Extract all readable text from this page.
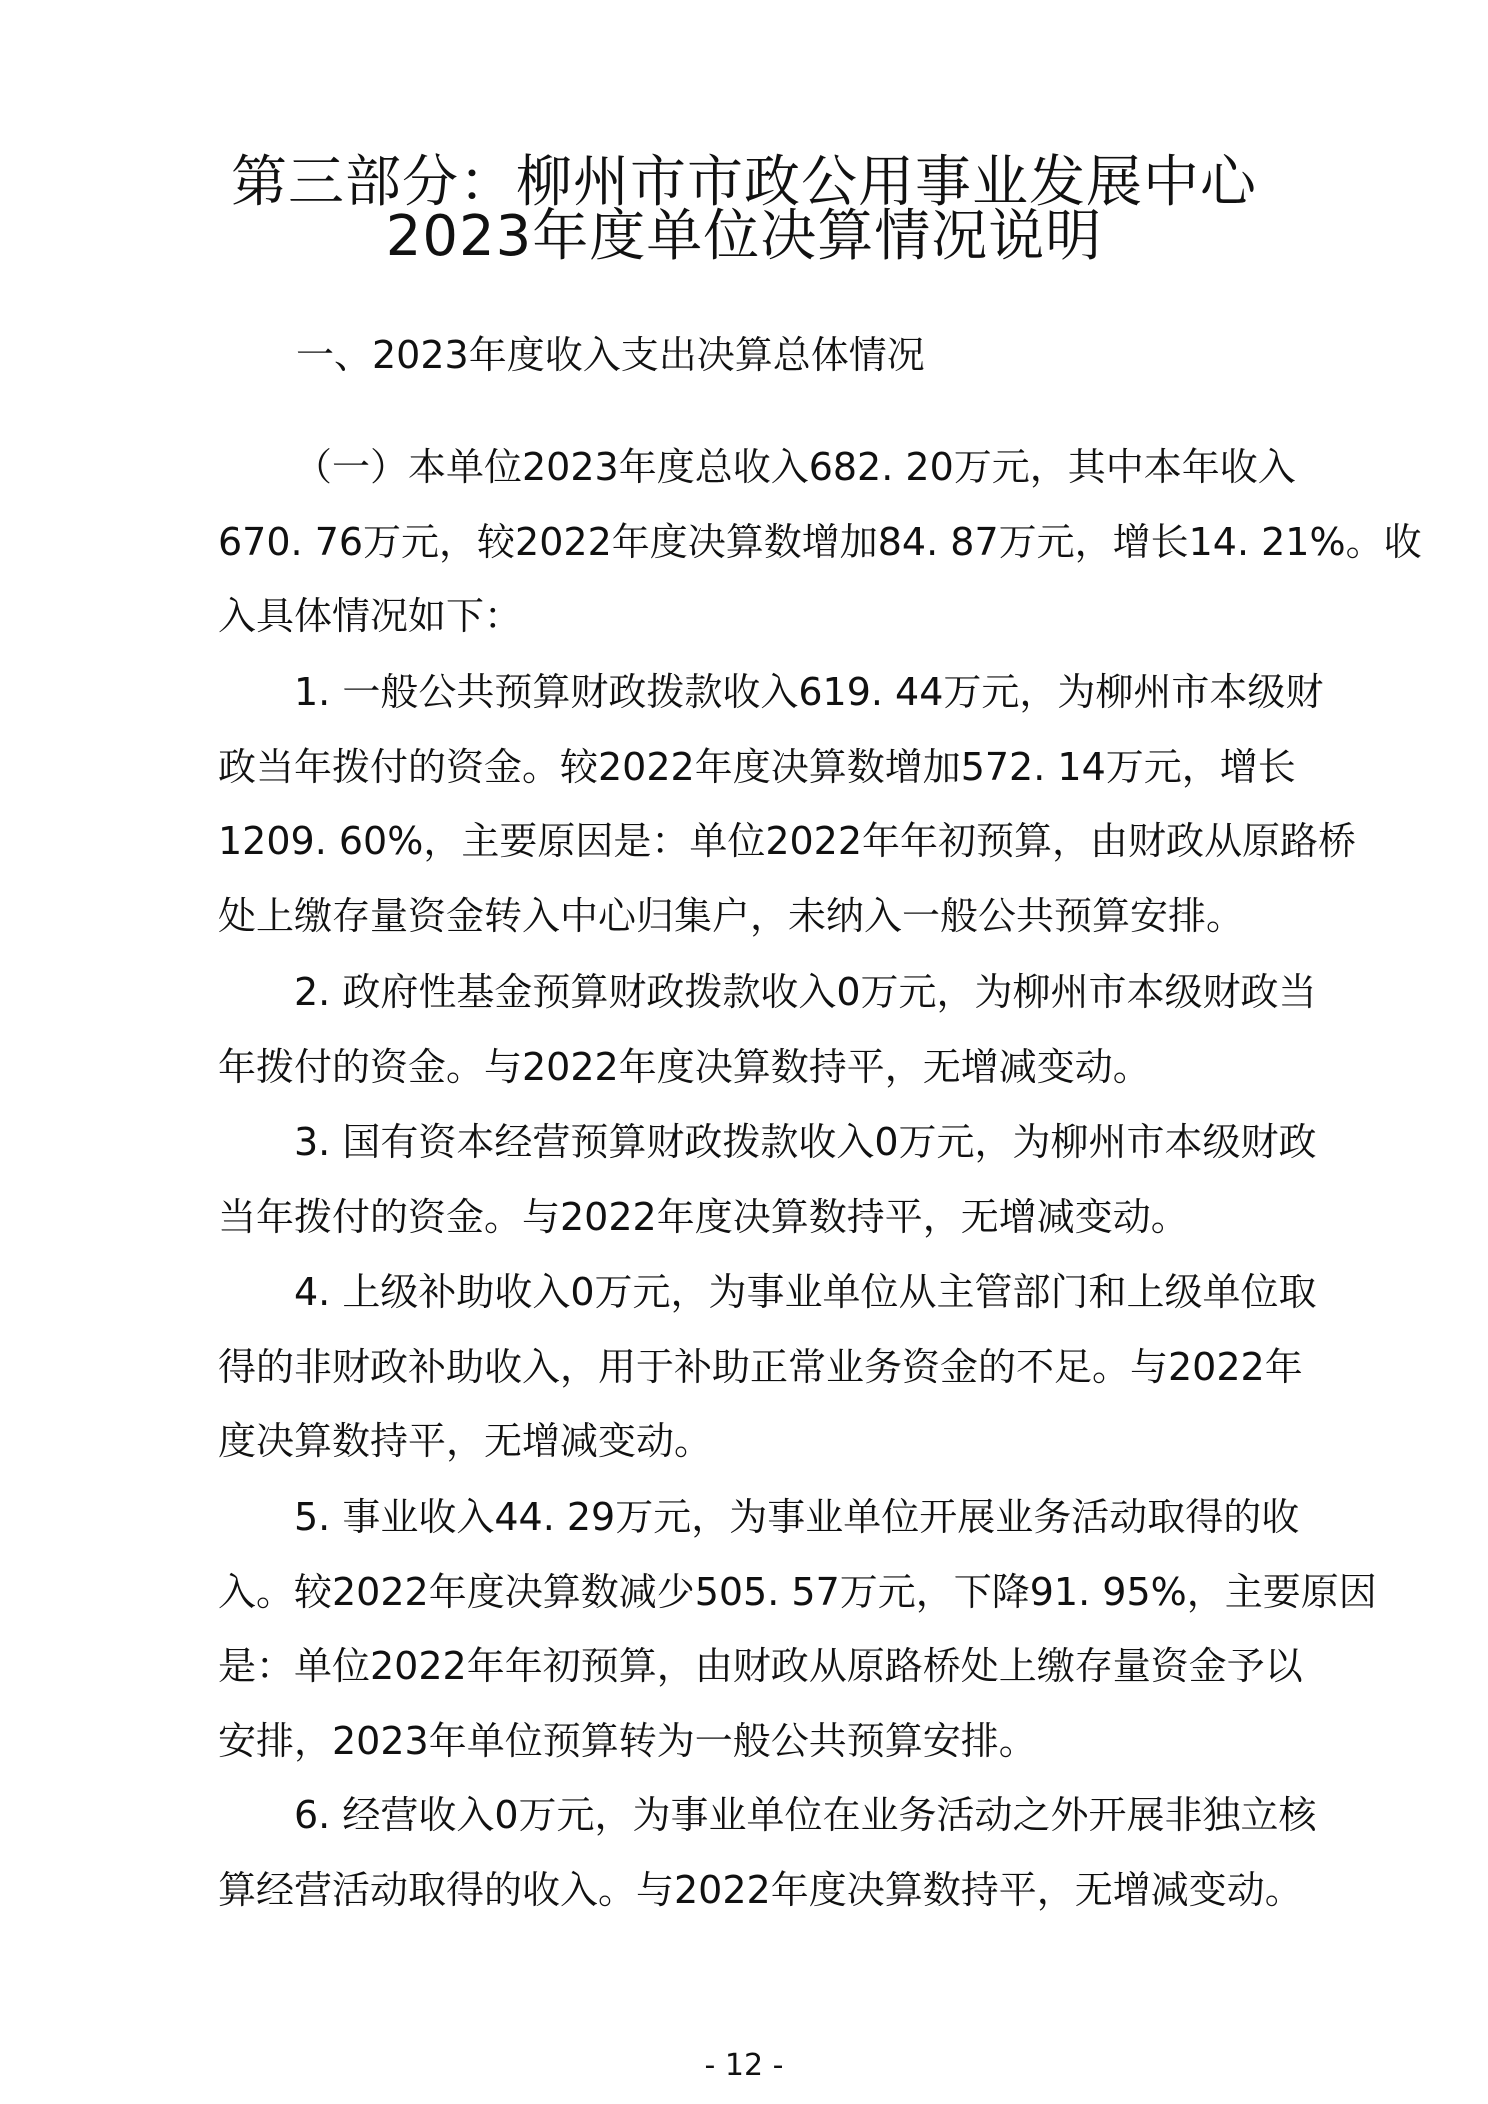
第三部分：柳州市市政公用事业发展中心
2023年度单位决算情况说明
一、2023年度收入支出决算总体情况
（一）本单位2023年度总收入682. 20万元，其中本年收入
670. 76万元，较2022年度决算数增加84. 87万元，增长14. 21%。收
入具体情况如下：
1. 一般公共预算财政拨款收入619. 44万元，为柳州市本级财
政当年拨付的资金。较2022年度决算数增加572. 14万元，增长
1209. 60%，主要原因是：单位2022年年初预算，由财政从原路桥
处上缴存量资金转入中心归集户，未纳入一般公共预算安排。
2. 政府性基金预算财政拨款收入0万元，为柳州市本级财政当
年拨付的资金。与2022年度决算数持平，无增减变动。
3. 国有资本经营预算财政拨款收入0万元，为柳州市本级财政
当年拨付的资金。与2022年度决算数持平，无增减变动。
4. 上级补助收入0万元，为事业单位从主管部门和上级单位取
得的非财政补助收入，用于补助正常业务资金的不足。与2022年
度决算数持平，无增减变动。
5. 事业收入44. 29万元，为事业单位开展业务活动取得的收
入。较2022年度决算数减少505. 57万元，下降91. 95%，主要原因
是：单位2022年年初预算，由财政从原路桥处上缴存量资金予以
安排，2023年单位预算转为一般公共预算安排。
6. 经营收入0万元，为事业单位在业务活动之外开展非独立核
算经营活动取得的收入。与2022年度决算数持平，无增减变动。
- 12 -
